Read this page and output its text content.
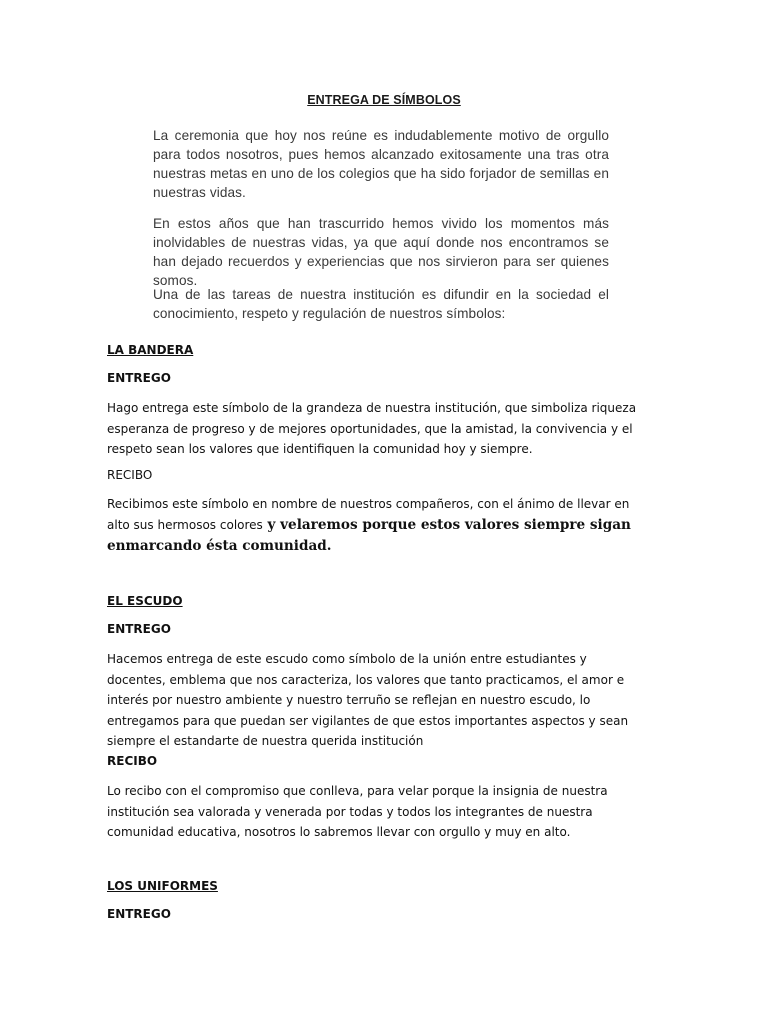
ENTREGA DE SÍMBOLOS
La ceremonia que hoy nos reúne es indudablemente motivo de orgullo para todos nosotros, pues hemos alcanzado exitosamente una tras otra nuestras metas en uno de los colegios que ha sido forjador de semillas en nuestras vidas.
En estos años que han trascurrido hemos vivido los momentos más inolvidables de nuestras vidas, ya que aquí donde nos encontramos se han dejado recuerdos y experiencias que nos sirvieron para ser quienes somos.
Una de las tareas de nuestra institución es difundir en la sociedad el conocimiento, respeto y regulación de nuestros símbolos:
LA BANDERA
ENTREGO
Hago entrega este símbolo de la grandeza de nuestra institución, que simboliza riqueza esperanza de progreso y de mejores oportunidades, que la amistad, la convivencia y el respeto sean los valores que identifiquen la comunidad hoy y siempre.
RECIBO
Recibimos este símbolo en nombre de nuestros compañeros, con el ánimo de llevar en alto sus hermosos colores y velaremos porque estos valores siempre sigan enmarcando ésta comunidad.
EL ESCUDO
ENTREGO
Hacemos entrega de este escudo como símbolo de la unión entre estudiantes y docentes, emblema que nos caracteriza, los valores que tanto practicamos, el amor e interés por nuestro ambiente y nuestro terruño se reflejan en nuestro escudo, lo entregamos para que puedan ser vigilantes de que estos importantes aspectos y sean siempre el estandarte de nuestra querida institución
RECIBO
Lo recibo con el compromiso que conlleva, para velar porque la insignia de nuestra institución sea valorada y venerada por todas y todos los integrantes de nuestra comunidad educativa, nosotros lo sabremos llevar con orgullo y muy en alto.
LOS UNIFORMES
ENTREGO
